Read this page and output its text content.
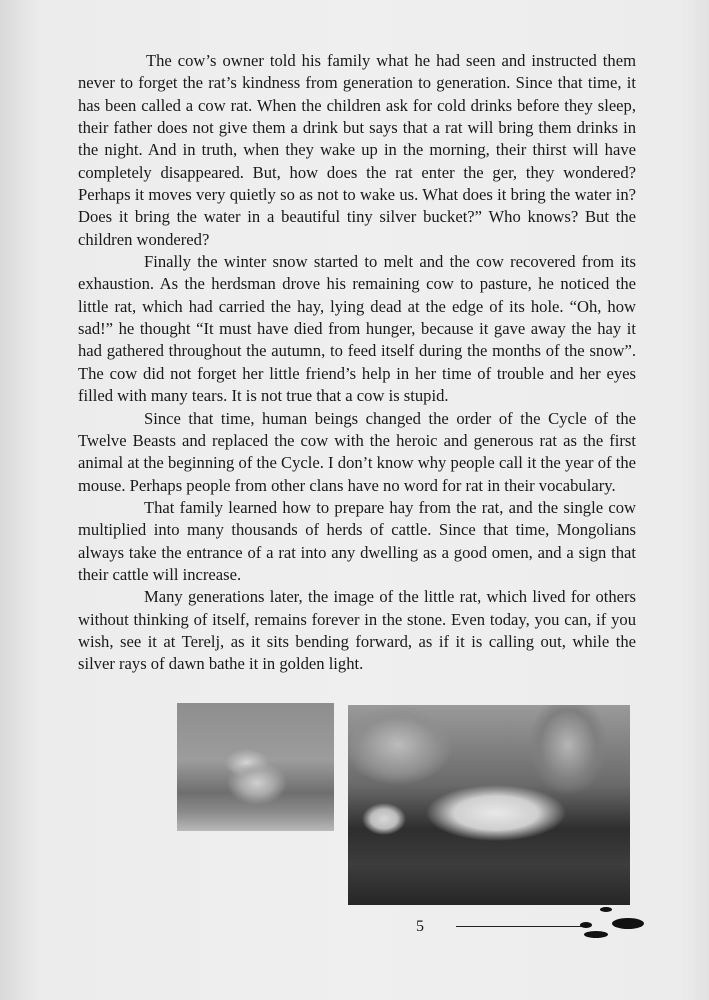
The cow’s owner told his family what he had seen and instructed them never to forget the rat’s kindness from generation to generation. Since that time, it has been called a cow rat. When the children ask for cold drinks before they sleep, their father does not give them a drink but says that a rat will bring them drinks in the night. And in truth, when they wake up in the morning, their thirst will have completely disappeared. But, how does the rat enter the ger, they wondered? Perhaps it moves very quietly so as not to wake us. What does it bring the water in? Does it bring the water in a beautiful tiny silver bucket?” Who knows? But the children wondered?

Finally the winter snow started to melt and the cow recovered from its exhaustion. As the herdsman drove his remaining cow to pasture, he noticed the little rat, which had carried the hay, lying dead at the edge of its hole. “Oh, how sad!” he thought “It must have died from hunger, because it gave away the hay it had gathered throughout the autumn, to feed itself during the months of the snow”. The cow did not forget her little friend’s help in her time of trouble and her eyes filled with many tears. It is not true that a cow is stupid.

Since that time, human beings changed the order of the Cycle of the Twelve Beasts and replaced the cow with the heroic and generous rat as the first animal at the beginning of the Cycle. I don’t know why people call it the year of the mouse. Perhaps people from other clans have no word for rat in their vocabulary.

That family learned how to prepare hay from the rat, and the single cow multiplied into many thousands of herds of cattle. Since that time, Mongolians always take the entrance of a rat into any dwelling as a good omen, and a sign that their cattle will increase.

Many generations later, the image of the little rat, which lived for others without thinking of itself, remains forever in the stone. Even today, you can, if you wish, see it at Terelj, as it sits bending forward, as if it is calling out, while the silver rays of dawn bathe it in golden light.

5
